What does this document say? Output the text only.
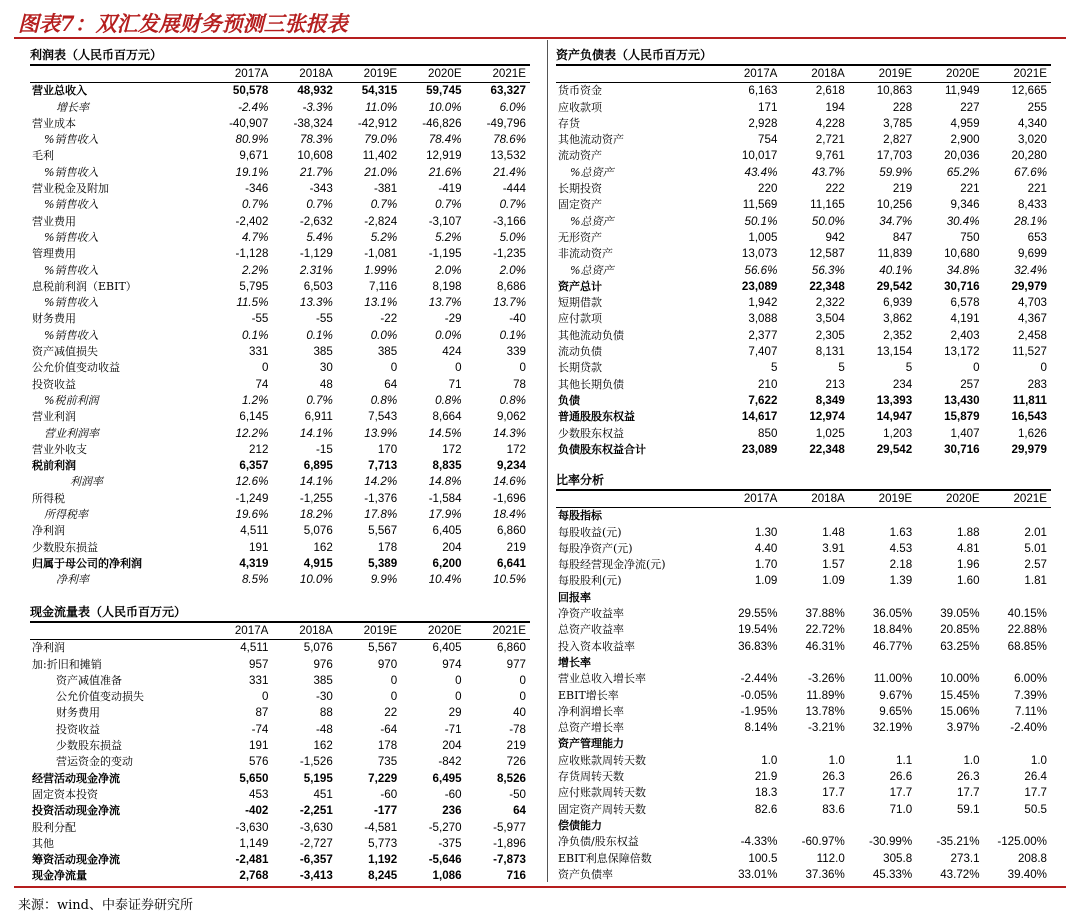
图表7：双汇发展财务预测三张报表
利润表（人民币百万元）
	2017A	2018A	2019E	2020E	2021E
营业总收入	50,578	48,932	54,315	59,745	63,327
增长率	-2.4%	-3.3%	11.0%	10.0%	6.0%
营业成本	-40,907	-38,324	-42,912	-46,826	-49,796
%销售收入	80.9%	78.3%	79.0%	78.4%	78.6%
毛利	9,671	10,608	11,402	12,919	13,532
%销售收入	19.1%	21.7%	21.0%	21.6%	21.4%
营业税金及附加	-346	-343	-381	-419	-444
%销售收入	0.7%	0.7%	0.7%	0.7%	0.7%
营业费用	-2,402	-2,632	-2,824	-3,107	-3,166
%销售收入	4.7%	5.4%	5.2%	5.2%	5.0%
管理费用	-1,128	-1,129	-1,081	-1,195	-1,235
%销售收入	2.2%	2.31%	1.99%	2.0%	2.0%
息税前利润（EBIT）	5,795	6,503	7,116	8,198	8,686
%销售收入	11.5%	13.3%	13.1%	13.7%	13.7%
财务费用	-55	-55	-22	-29	-40
%销售收入	0.1%	0.1%	0.0%	0.0%	0.1%
资产减值损失	331	385	385	424	339
公允价值变动收益	0	30	0	0	0
投资收益	74	48	64	71	78
%税前利润	1.2%	0.7%	0.8%	0.8%	0.8%
营业利润	6,145	6,911	7,543	8,664	9,062
营业利润率	12.2%	14.1%	13.9%	14.5%	14.3%
营业外收支	212	-15	170	172	172
税前利润	6,357	6,895	7,713	8,835	9,234
利润率	12.6%	14.1%	14.2%	14.8%	14.6%
所得税	-1,249	-1,255	-1,376	-1,584	-1,696
所得税率	19.6%	18.2%	17.8%	17.9%	18.4%
净利润	4,511	5,076	5,567	6,405	6,860
少数股东损益	191	162	178	204	219
归属于母公司的净利润	4,319	4,915	5,389	6,200	6,641
净利率	8.5%	10.0%	9.9%	10.4%	10.5%
现金流量表（人民币百万元）
	2017A	2018A	2019E	2020E	2021E
净利润	4,511	5,076	5,567	6,405	6,860
加:折旧和摊销	957	976	970	974	977
资产减值准备	331	385	0	0	0
公允价值变动损失	0	-30	0	0	0
财务费用	87	88	22	29	40
投资收益	-74	-48	-64	-71	-78
少数股东损益	191	162	178	204	219
营运资金的变动	576	-1,526	735	-842	726
经营活动现金净流	5,650	5,195	7,229	6,495	8,526
固定资本投资	453	451	-60	-60	-50
投资活动现金净流	-402	-2,251	-177	236	64
股利分配	-3,630	-3,630	-4,581	-5,270	-5,977
其他	1,149	-2,727	5,773	-375	-1,896
筹资活动现金净流	-2,481	-6,357	1,192	-5,646	-7,873
现金净流量	2,768	-3,413	8,245	1,086	716
资产负债表（人民币百万元）
	2017A	2018A	2019E	2020E	2021E
货币资金	6,163	2,618	10,863	11,949	12,665
应收款项	171	194	228	227	255
存货	2,928	4,228	3,785	4,959	4,340
其他流动资产	754	2,721	2,827	2,900	3,020
流动资产	10,017	9,761	17,703	20,036	20,280
%总资产	43.4%	43.7%	59.9%	65.2%	67.6%
长期投资	220	222	219	221	221
固定资产	11,569	11,165	10,256	9,346	8,433
%总资产	50.1%	50.0%	34.7%	30.4%	28.1%
无形资产	1,005	942	847	750	653
非流动资产	13,073	12,587	11,839	10,680	9,699
%总资产	56.6%	56.3%	40.1%	34.8%	32.4%
资产总计	23,089	22,348	29,542	30,716	29,979
短期借款	1,942	2,322	6,939	6,578	4,703
应付款项	3,088	3,504	3,862	4,191	4,367
其他流动负债	2,377	2,305	2,352	2,403	2,458
流动负债	7,407	8,131	13,154	13,172	11,527
长期贷款	5	5	5	0	0
其他长期负债	210	213	234	257	283
负债	7,622	8,349	13,393	13,430	11,811
普通股股东权益	14,617	12,974	14,947	15,879	16,543
少数股东权益	850	1,025	1,203	1,407	1,626
负债股东权益合计	23,089	22,348	29,542	30,716	29,979
比率分析
	2017A	2018A	2019E	2020E	2021E
每股指标					
每股收益(元)	1.30	1.48	1.63	1.88	2.01
每股净资产(元)	4.40	3.91	4.53	4.81	5.01
每股经营现金净流(元)	1.70	1.57	2.18	1.96	2.57
每股股利(元)	1.09	1.09	1.39	1.60	1.81
回报率					
净资产收益率	29.55%	37.88%	36.05%	39.05%	40.15%
总资产收益率	19.54%	22.72%	18.84%	20.85%	22.88%
投入资本收益率	36.83%	46.31%	46.77%	63.25%	68.85%
增长率					
营业总收入增长率	-2.44%	-3.26%	11.00%	10.00%	6.00%
EBIT增长率	-0.05%	11.89%	9.67%	15.45%	7.39%
净利润增长率	-1.95%	13.78%	9.65%	15.06%	7.11%
总资产增长率	8.14%	-3.21%	32.19%	3.97%	-2.40%
资产管理能力					
应收账款周转天数	1.0	1.0	1.1	1.0	1.0
存货周转天数	21.9	26.3	26.6	26.3	26.4
应付账款周转天数	18.3	17.7	17.7	17.7	17.7
固定资产周转天数	82.6	83.6	71.0	59.1	50.5
偿债能力					
净负债/股东权益	-4.33%	-60.97%	-30.99%	-35.21%	-125.00%
EBIT利息保障倍数	100.5	112.0	305.8	273.1	208.8
资产负债率	33.01%	37.36%	45.33%	43.72%	39.40%
来源：wind、中泰证券研究所
